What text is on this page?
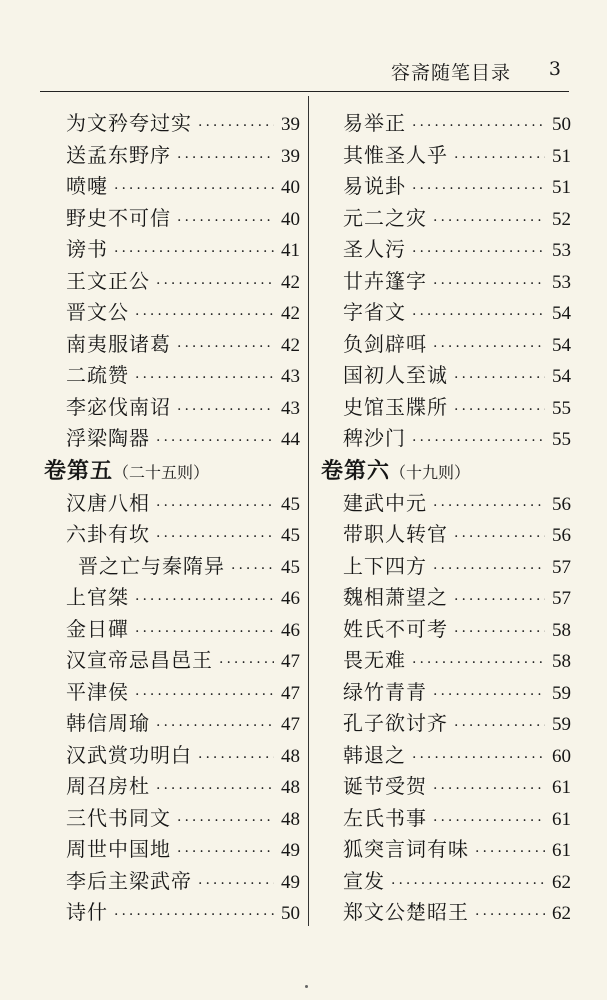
容斋随笔目录 3
为文矜夸过实 ·····	39
送孟东野序 ·····	39
喷嚏 ·····	40
野史不可信 ·····	40
谤书 ·····	41
王文正公 ·····	42
晋文公 ·····	42
南夷服诸葛 ·····	42
二疏赞 ·····	43
李宓伐南诏 ·····	43
浮梁陶器 ·····	44
卷第五（二十五则）
汉唐八相 ·····	45
六卦有坎 ·····	45
晋之亡与秦隋异 ·····	45
上官桀 ·····	46
金日磾 ·····	46
汉宣帝忌昌邑王 ·····	47
平津侯 ·····	47
韩信周瑜 ·····	47
汉武赏功明白 ·····	48
周召房杜 ·····	48
三代书同文 ·····	48
周世中国地 ·····	49
李后主梁武帝 ·····	49
诗什 ·····	50
易举正 ·····	50
其惟圣人乎 ·····	51
易说卦 ·····	51
元二之灾 ·····	52
圣人污 ·····	53
廿卉篷字 ·····	53
字省文 ·····	54
负剑辟咡 ·····	54
国初人至诚 ·····	54
史馆玉牒所 ·····	55
稗沙门 ·····	55
卷第六（十九则）
建武中元 ·····	56
带职人转官 ·····	56
上下四方 ·····	57
魏相萧望之 ·····	57
姓氏不可考 ·····	58
畏无难 ·····	58
绿竹青青 ·····	59
孔子欲讨齐 ·····	59
韩退之 ·····	60
诞节受贺 ·····	61
左氏书事 ·····	61
狐突言词有味 ·····	61
宣发 ·····	62
郑文公楚昭王 ·····	62
